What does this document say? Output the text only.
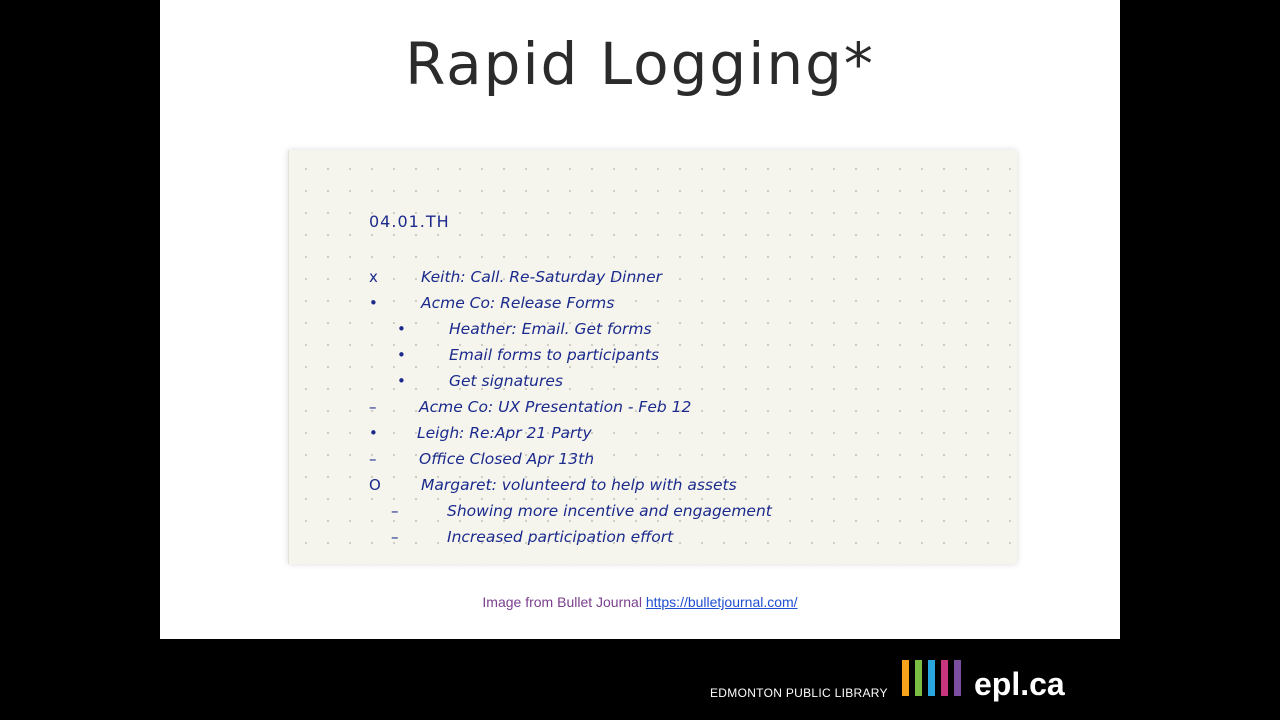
Rapid Logging*
04.01.TH
x	Keith: Call. Re-Saturday Dinner
•	Acme Co: Release Forms
•	Heather: Email. Get forms
•	Email forms to participants
•	Get signatures
–	Acme Co: UX Presentation - Feb 12
•	Leigh: Re:Apr 21 Party
–	Office Closed Apr 13th
O	Margaret: volunteerd to help with assets
–	Showing more incentive and engagement
–	Increased participation effort
Image from Bullet Journal https://bulletjournal.com/
EDMONTON PUBLIC LIBRARY	epl.ca
